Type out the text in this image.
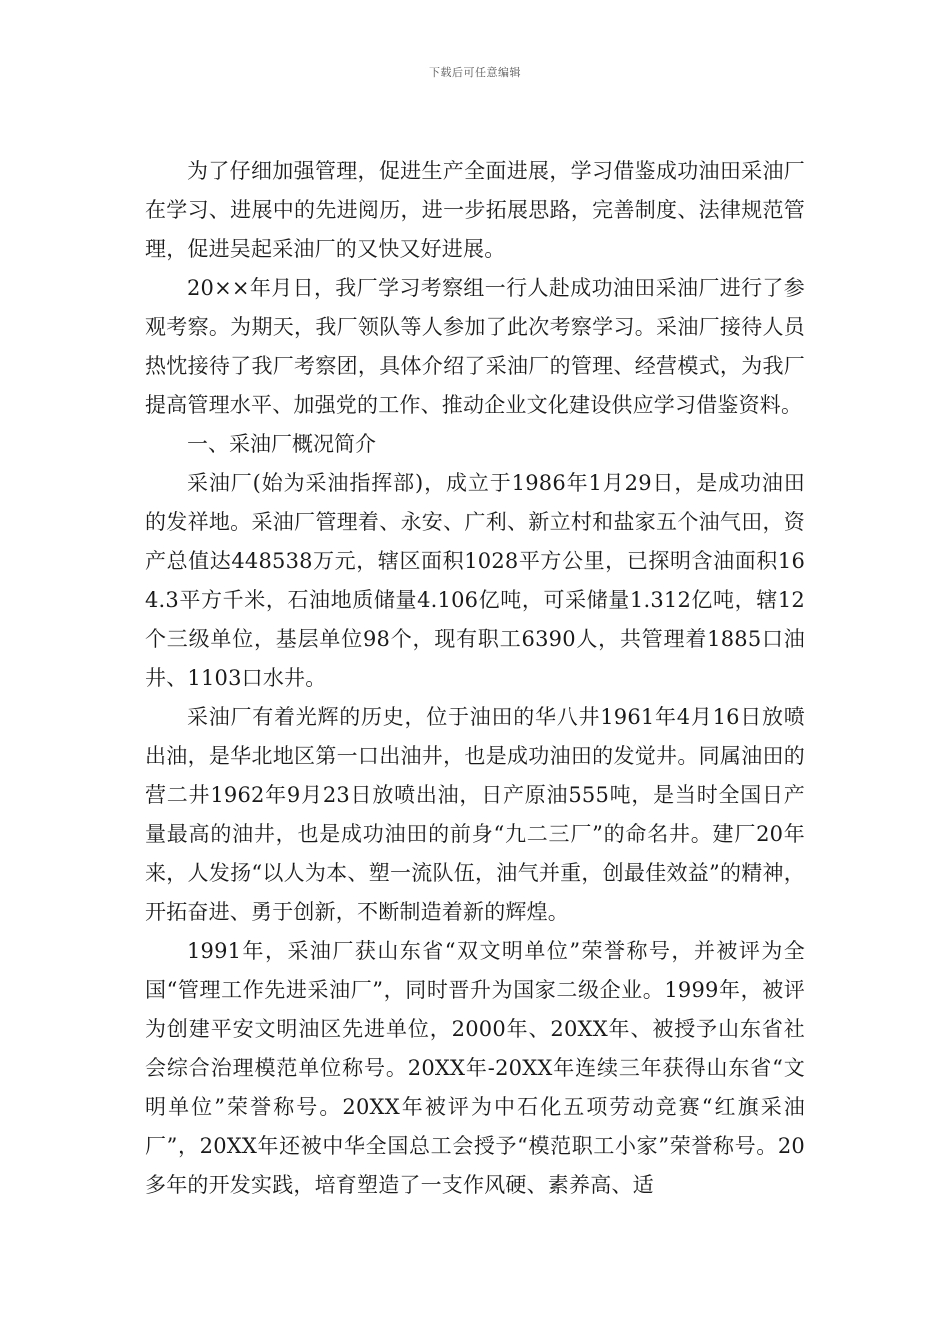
下载后可任意编辑

为了仔细加强管理，促进生产全面进展，学习借鉴成功油田采油厂在学习、进展中的先进阅历，进一步拓展思路，完善制度、法律规范管理，促进吴起采油厂的又快又好进展。

20××年月日，我厂学习考察组一行人赴成功油田采油厂进行了参观考察。为期天，我厂领队等人参加了此次考察学习。采油厂接待人员热忱接待了我厂考察团，具体介绍了采油厂的管理、经营模式，为我厂提高管理水平、加强党的工作、推动企业文化建设供应学习借鉴资料。

一、采油厂概况简介

采油厂(始为采油指挥部)，成立于1986年1月29日，是成功油田的发祥地。采油厂管理着、永安、广利、新立村和盐家五个油气田，资产总值达448538万元，辖区面积1028平方公里，已探明含油面积164.3平方千米，石油地质储量4.106亿吨，可采储量1.312亿吨，辖12个三级单位，基层单位98个，现有职工6390人，共管理着1885口油井、1103口水井。

采油厂有着光辉的历史，位于油田的华八井1961年4月16日放喷出油，是华北地区第一口出油井，也是成功油田的发觉井。同属油田的营二井1962年9月23日放喷出油，日产原油555吨，是当时全国日产量最高的油井，也是成功油田的前身“九二三厂”的命名井。建厂20年来，人发扬“以人为本、塑一流队伍，油气并重，创最佳效益”的精神，开拓奋进、勇于创新，不断制造着新的辉煌。

1991年，采油厂获山东省“双文明单位”荣誉称号，并被评为全国“管理工作先进采油厂”，同时晋升为国家二级企业。1999年，被评为创建平安文明油区先进单位，2000年、20XX年、被授予山东省社会综合治理模范单位称号。20XX年-20XX年连续三年获得山东省“文明单位”荣誉称号。20XX年被评为中石化五项劳动竞赛“红旗采油厂”，20XX年还被中华全国总工会授予“模范职工小家”荣誉称号。20多年的开发实践，培育塑造了一支作风硬、素养高、适
